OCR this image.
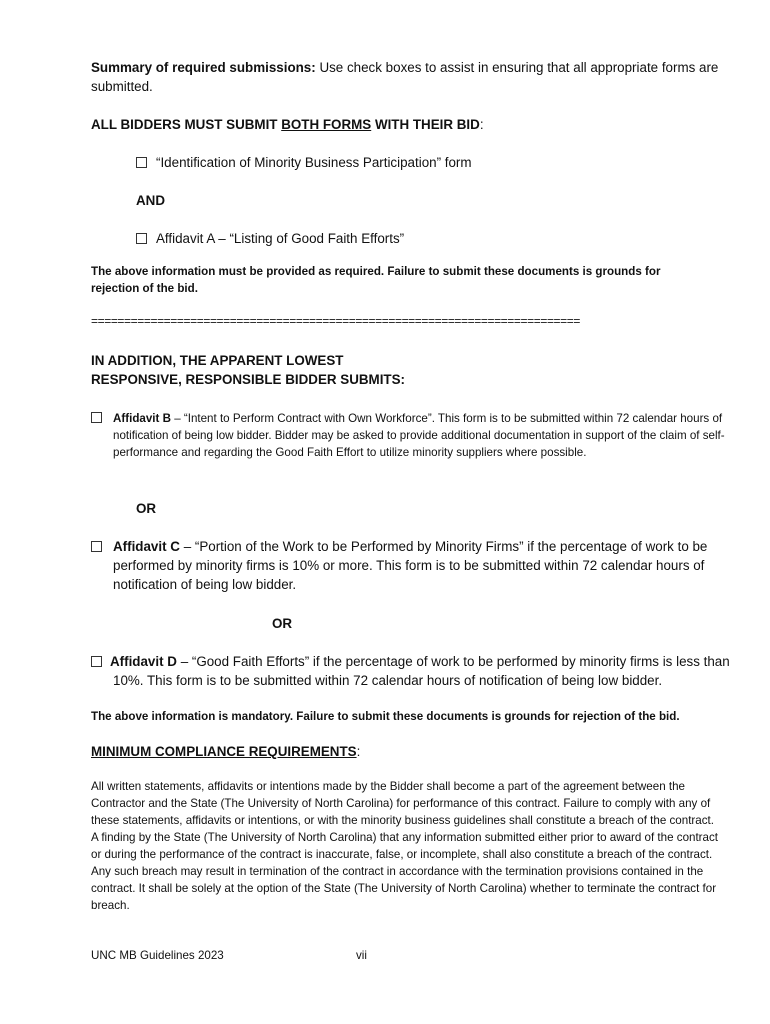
Summary of required submissions: Use check boxes to assist in ensuring that all appropriate forms are submitted.

ALL BIDDERS MUST SUBMIT BOTH FORMS WITH THEIR BID:

“Identification of Minority Business Participation” form

AND

Affidavit A – “Listing of Good Faith Efforts”

The above information must be provided as required. Failure to submit these documents is grounds for rejection of the bid.

==========================================================================

IN ADDITION, THE APPARENT LOWEST
RESPONSIVE, RESPONSIBLE BIDDER SUBMITS:

Affidavit B – “Intent to Perform Contract with Own Workforce”. This form is to be submitted within 72 calendar hours of notification of being low bidder. Bidder may be asked to provide additional documentation in support of the claim of self-performance and regarding the Good Faith Effort to utilize minority suppliers where possible.

OR

Affidavit C – “Portion of the Work to be Performed by Minority Firms” if the percentage of work to be performed by minority firms is 10% or more. This form is to be submitted within 72 calendar hours of notification of being low bidder.

OR

Affidavit D – “Good Faith Efforts” if the percentage of work to be performed by minority firms is less than 10%. This form is to be submitted within 72 calendar hours of notification of being low bidder.

The above information is mandatory. Failure to submit these documents is grounds for rejection of the bid.

MINIMUM COMPLIANCE REQUIREMENTS:

All written statements, affidavits or intentions made by the Bidder shall become a part of the agreement between the Contractor and the State (The University of North Carolina) for performance of this contract. Failure to comply with any of these statements, affidavits or intentions, or with the minority business guidelines shall constitute a breach of the contract. A finding by the State (The University of North Carolina) that any information submitted either prior to award of the contract or during the performance of the contract is inaccurate, false, or incomplete, shall also constitute a breach of the contract. Any such breach may result in termination of the contract in accordance with the termination provisions contained in the contract. It shall be solely at the option of the State (The University of North Carolina) whether to terminate the contract for breach.

UNC MB Guidelines 2023	vii
